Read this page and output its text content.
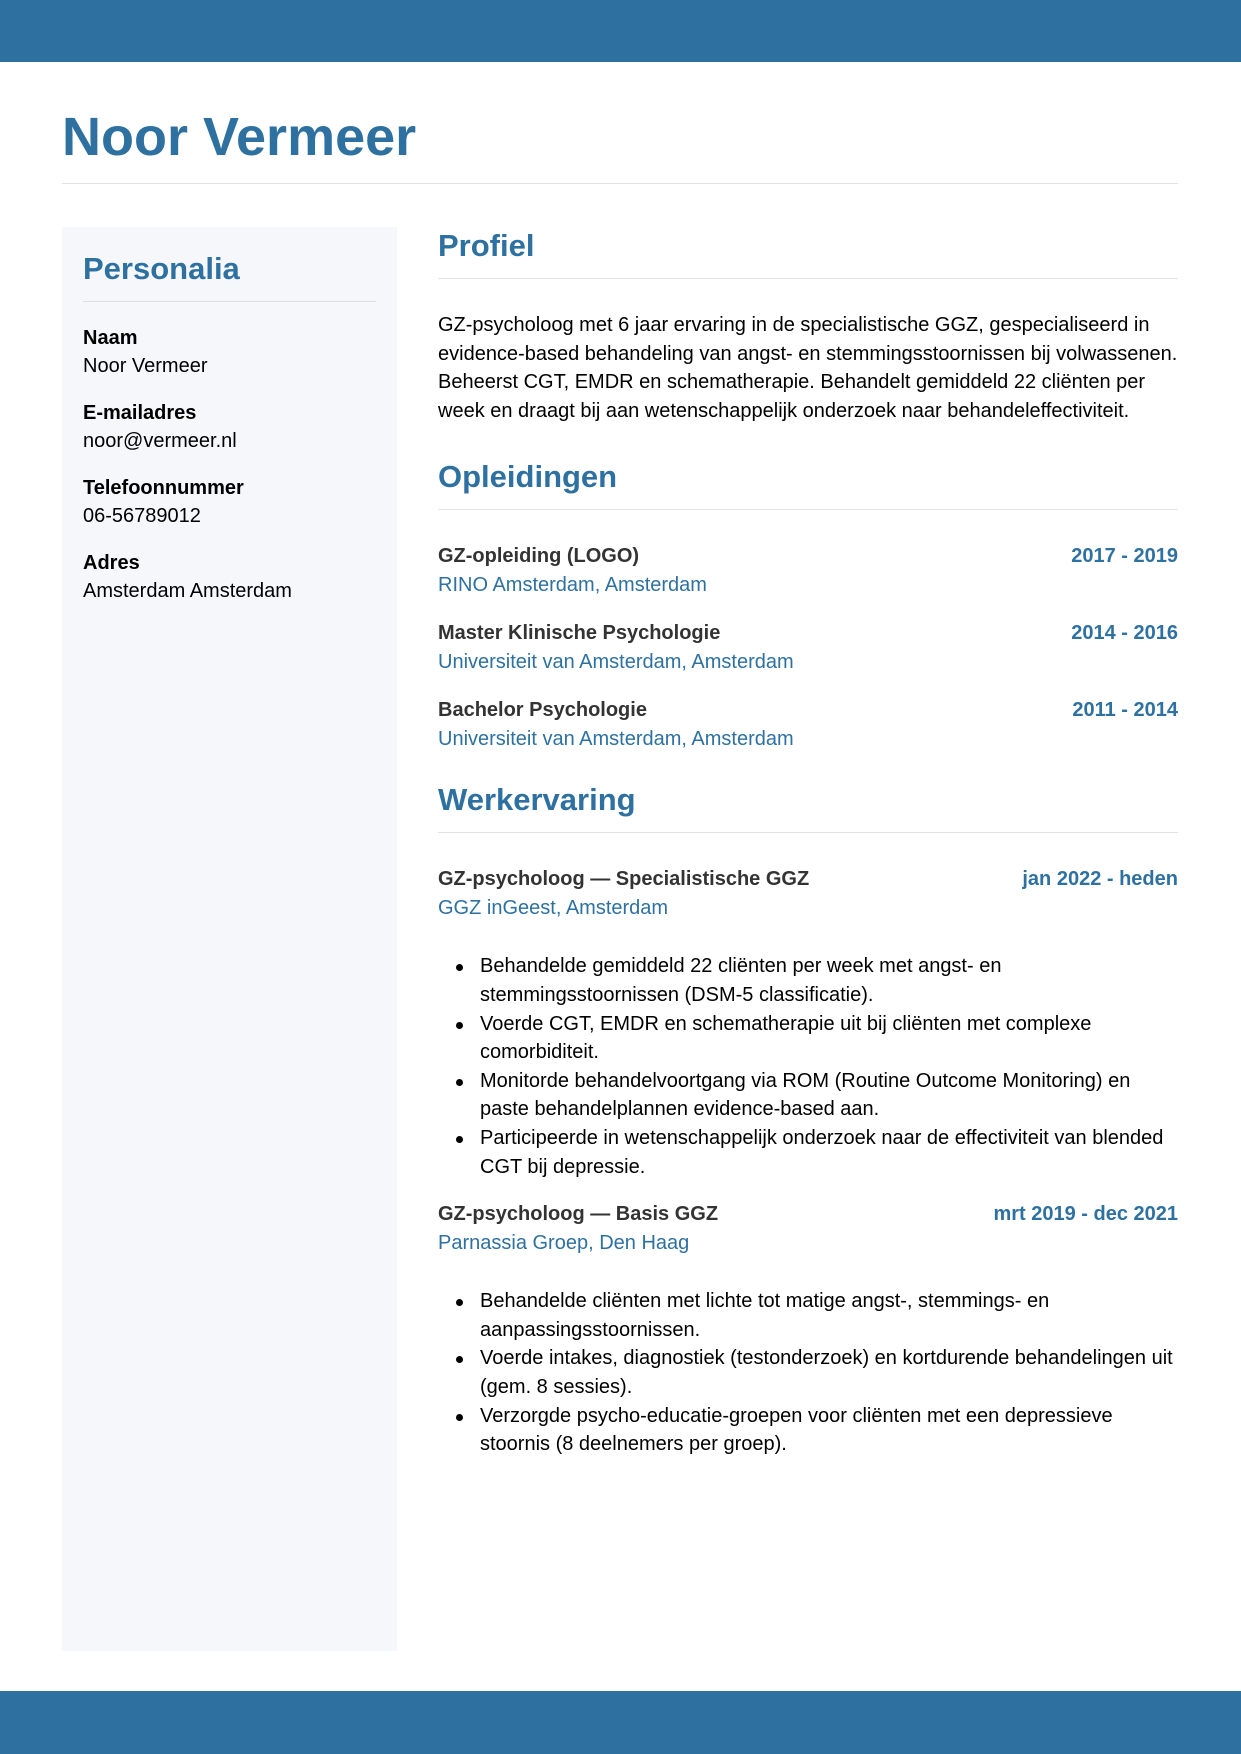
Noor Vermeer
Personalia
Naam
Noor Vermeer
E-mailadres
noor@vermeer.nl
Telefoonnummer
06-56789012
Adres
Amsterdam Amsterdam
Profiel

GZ-psycholoog met 6 jaar ervaring in de specialistische GGZ, gespecialiseerd in evidence-based behandeling van angst- en stemmingsstoornissen bij volwassenen. Beheerst CGT, EMDR en schematherapie. Behandelt gemiddeld 22 cliënten per week en draagt bij aan wetenschappelijk onderzoek naar behandeleffectiviteit.

Opleidingen
GZ-opleiding (LOGO)	2017 - 2019
RINO Amsterdam, Amsterdam
Master Klinische Psychologie	2014 - 2016
Universiteit van Amsterdam, Amsterdam
Bachelor Psychologie	2011 - 2014
Universiteit van Amsterdam, Amsterdam
Werkervaring
GZ-psycholoog — Specialistische GGZ	jan 2022 - heden
GGZ inGeest, Amsterdam
Behandelde gemiddeld 22 cliënten per week met angst- en stemmingsstoornissen (DSM-5 classificatie).
Voerde CGT, EMDR en schematherapie uit bij cliënten met complexe comorbiditeit.
Monitorde behandelvoortgang via ROM (Routine Outcome Monitoring) en paste behandelplannen evidence-based aan.
Participeerde in wetenschappelijk onderzoek naar de effectiviteit van blended CGT bij depressie.
GZ-psycholoog — Basis GGZ	mrt 2019 - dec 2021
Parnassia Groep, Den Haag
Behandelde cliënten met lichte tot matige angst-, stemmings- en aanpassingsstoornissen.
Voerde intakes, diagnostiek (testonderzoek) en kortdurende behandelingen uit (gem. 8 sessies).
Verzorgde psycho-educatie-groepen voor cliënten met een depressieve stoornis (8 deelnemers per groep).
